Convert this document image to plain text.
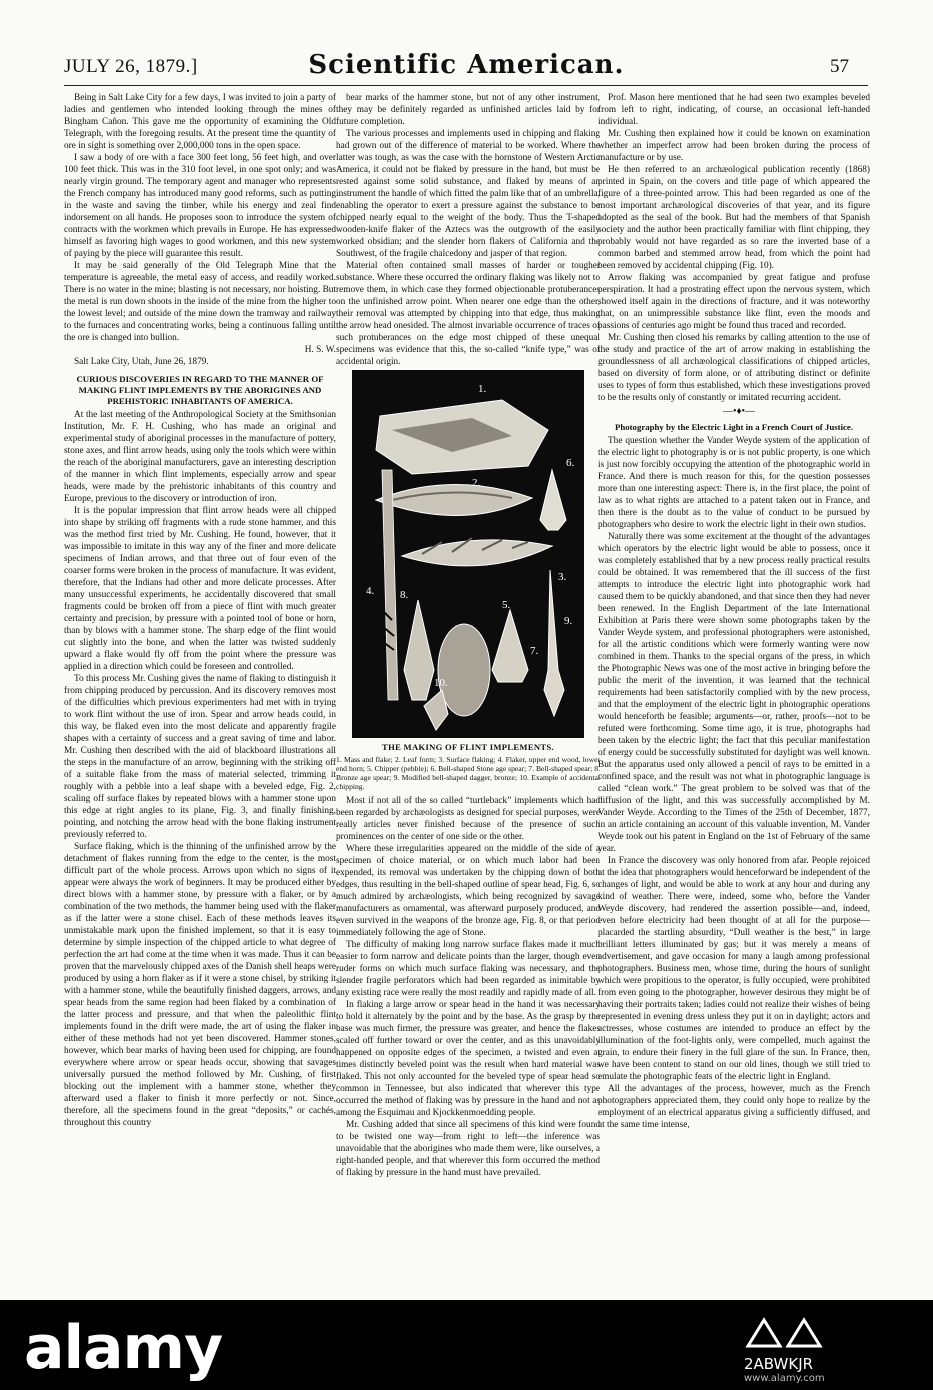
JULY 26, 1879.]	Scientific American.	57

Being in Salt Lake City for a few days, I was invited to join a party of ladies and gentlemen who intended looking through the mines of Bingham Cañon. This gave me the opportunity of examining the Old Telegraph, with the foregoing results. At the present time the quantity of ore in sight is something over 2,000,000 tons in the open space.

I saw a body of ore with a face 300 feet long, 56 feet high, and over 100 feet thick. This was in the 310 foot level, in one spot only; and was nearly virgin ground. The temporary agent and manager who represents the French company has introduced many good reforms, such as putting in the waste and saving the timber, while his energy and zeal find indorsement on all hands. He proposes soon to introduce the system of contracts with the workmen which prevails in Europe. He has expressed himself as favoring high wages to good workmen, and this new system of paying by the piece will guarantee this result.

It may be said generally of the Old Telegraph Mine that the temperature is agreeable, the metal easy of access, and readily worked. There is no water in the mine; blasting is not necessary, nor hoisting. But the metal is run down shoots in the inside of the mine from the higher to the lowest level; and outside of the mine down the tramway and railway to the furnaces and concentrating works, being a continuous falling until the ore is changed into bullion.

H. S. W.

Salt Lake City, Utah, June 26, 1879.

CURIOUS DISCOVERIES IN REGARD TO THE MANNER OF MAKING FLINT IMPLEMENTS BY THE ABORIGINES AND PREHISTORIC INHABITANTS OF AMERICA.

At the last meeting of the Anthropological Society at the Smithsonian Institution, Mr. F. H. Cushing, who has made an original and experimental study of aboriginal processes in the manufacture of pottery, stone axes, and flint arrow heads, using only the tools which were within the reach of the aboriginal manufacturers, gave an interesting description of the manner in which flint implements, especially arrow and spear heads, were made by the prehistoric inhabitants of this country and Europe, previous to the discovery or introduction of iron.

It is the popular impression that flint arrow heads were all chipped into shape by striking off fragments with a rude stone hammer, and this was the method first tried by Mr. Cushing. He found, however, that it was impossible to imitate in this way any of the finer and more delicate specimens of Indian arrows, and that three out of four even of the coarser forms were broken in the process of manufacture. It was evident, therefore, that the Indians had other and more delicate processes. After many unsuccessful experiments, he accidentally discovered that small fragments could be broken off from a piece of flint with much greater certainty and precision, by pressure with a pointed tool of bone or horn, than by blows with a hammer stone. The sharp edge of the flint would cut slightly into the bone, and when the latter was twisted suddenly upward a flake would fly off from the point where the pressure was applied in a direction which could be foreseen and controlled.

To this process Mr. Cushing gives the name of flaking to distinguish it from chipping produced by percussion. And its discovery removes most of the difficulties which previous experimenters had met with in trying to work flint without the use of iron. Spear and arrow heads could, in this way, be flaked even into the most delicate and apparently fragile shapes with a certainty of success and a great saving of time and labor. Mr. Cushing then described with the aid of blackboard illustrations all the steps in the manufacture of an arrow, beginning with the striking off of a suitable flake from the mass of material selected, trimming it roughly with a pebble into a leaf shape with a beveled edge, Fig. 2, scaling off surface flakes by repeated blows with a hammer stone upon this edge at right angles to its plane, Fig. 3, and finally finishing, pointing, and notching the arrow head with the bone flaking instrument previously referred to.

Surface flaking, which is the thinning of the unfinished arrow by the detachment of flakes running from the edge to the center, is the most difficult part of the whole process. Arrows upon which no signs of it appear were always the work of beginners. It may be produced either by direct blows with a hammer stone, by pressure with a flaker, or by a combination of the two methods, the hammer being used with the flaker as if the latter were a stone chisel. Each of these methods leaves its unmistakable mark upon the finished implement, so that it is easy to determine by simple inspection of the chipped article to what degree of perfection the art had come at the time when it was made. Thus it can be proven that the marvelously chipped axes of the Danish shell heaps were produced by using a horn flaker as if it were a stone chisel, by striking it with a hammer stone, while the beautifully finished daggers, arrows, and spear heads from the same region had been flaked by a combination of the latter process and pressure, and that when the paleolithic flint implements found in the drift were made, the art of using the flaker in either of these methods had not yet been discovered. Hammer stones, however, which bear marks of having been used for chipping, are found everywhere where arrow or spear heads occur, showing that savages universally pursued the method followed by Mr. Cushing, of first blocking out the implement with a hammer stone, whether they afterward used a flaker to finish it more perfectly or not. Since, therefore, all the specimens found in the great “deposits,” or cachés, throughout this country

bear marks of the hammer stone, but not of any other instrument, they may be definitely regarded as unfinished articles laid by for future completion.

The various processes and implements used in chipping and flaking had grown out of the difference of material to be worked. Where the latter was tough, as was the case with the hornstone of Western Arctic America, it could not be flaked by pressure in the hand, but must be rested against some solid substance, and flaked by means of an instrument the handle of which fitted the palm like that of an umbrella, enabling the operator to exert a pressure against the substance to be chipped nearly equal to the weight of the body. Thus the T-shaped wooden-knife flaker of the Aztecs was the outgrowth of the easily worked obsidian; and the slender horn flakers of California and the Southwest, of the fragile chalcedony and jasper of that region.

Material often contained small masses of harder or tougher substance. Where these occurred the ordinary flaking was likely not to remove them, in which case they formed objectionable protuberances on the unfinished arrow point. When nearer one edge than the other, their removal was attempted by chipping into that edge, thus making the arrow head onesided. The almost invariable occurrence of traces of such protuberances on the edge most chipped of these unequal specimens was evidence that this, the so-called “knife type,” was of accidental origin.

1.
2.
3.
4.
5.
6.
7.
8.
9.
10.

THE MAKING OF FLINT IMPLEMENTS.

1. Mass and flake; 2. Leaf form; 3. Surface flaking; 4. Flaker, upper end wood, lower end horn; 5. Chipper (pebble); 6. Bell-shaped Stone age spear; 7. Bell-shaped spear; 8. Bronze age spear; 9. Modified bell-shaped dagger, bronze; 10. Example of accidental chipping.

Most if not all of the so called “turtleback” implements which had been regarded by archæologists as designed for special purposes, were really articles never finished because of the presence of such prominences on the center of one side or the other.

Where these irregularities appeared on the middle of the side of a specimen of choice material, or on which much labor had been expended, its removal was undertaken by the chipping down of both edges, thus resulting in the bell-shaped outline of spear head, Fig. 6, so much admired by archæologists, which being recognized by savage manufacturers as ornamental, was afterward purposely produced, and even survived in the weapons of the bronze age, Fig. 8, or that period immediately following the age of Stone.

The difficulty of making long narrow surface flakes made it much easier to form narrow and delicate points than the larger, though even ruder forms on which much surface flaking was necessary, and the slender fragile perforators which had been regarded as inimitable by any existing race were really the most readily and rapidly made of all.

In flaking a large arrow or spear head in the hand it was necessary to hold it alternately by the point and by the base. As the grasp by the base was much firmer, the pressure was greater, and hence the flakes scaled off further toward or over the center, and as this unavoidably happened on opposite edges of the specimen, a twisted and even at times distinctly beveled point was the result when hard material was flaked. This not only accounted for the beveled type of spear head so common in Tennessee, but also indicated that wherever this type occurred the method of flaking was by pressure in the hand and not as among the Esquimau and Kjockkenmoedding people.

Mr. Cushing added that since all specimens of this kind were found to be twisted one way—from right to left—the inference was unavoidable that the aborigines who made them were, like ourselves, a right-handed people, and that wherever this form occurred the method of flaking by pressure in the hand must have prevailed.

Prof. Mason here mentioned that he had seen two examples beveled from left to right, indicating, of course, an occasional left-handed individual.

Mr. Cushing then explained how it could be known on examination whether an imperfect arrow had been broken during the process of manufacture or by use.

He then referred to an archæological publication recently (1868) printed in Spain, on the covers and title page of which appeared the figure of a three-pointed arrow. This had been regarded as one of the most important archæological discoveries of that year, and its figure adopted as the seal of the book. But had the members of that Spanish society and the author been practically familiar with flint chipping, they probably would not have regarded as so rare the inverted base of a common barbed and stemmed arrow head, from which the point had been removed by accidental chipping (Fig. 10).

Arrow flaking was accompanied by great fatigue and profuse perspiration. It had a prostrating effect upon the nervous system, which showed itself again in the directions of fracture, and it was noteworthy that, on an unimpressible substance like flint, even the moods and passions of centuries ago might be found thus traced and recorded.

Mr. Cushing then closed his remarks by calling attention to the use of the study and practice of the art of arrow making in establishing the groundlessness of all archæological classifications of chipped articles, based on diversity of form alone, or of attributing distinct or definite uses to types of form thus established, which these investigations proved to be the results only of constantly or imitated recurring accident.

—•♦•—

Photography by the Electric Light in a French Court of Justice.

The question whether the Vander Weyde system of the application of the electric light to photography is or is not public property, is one which is just now forcibly occupying the attention of the photographic world in France. And there is much reason for this, for the question possesses more than one interesting aspect: There is, in the first place, the point of law as to what rights are attached to a patent taken out in France, and then there is the doubt as to the value of conduct to be pursued by photographers who desire to work the electric light in their own studios.

Naturally there was some excitement at the thought of the advantages which operators by the electric light would be able to possess, once it was completely established that by a new process really practical results could be obtained. It was remembered that the ill success of the first attempts to introduce the electric light into photographic work had caused them to be quickly abandoned, and that since then they had never been renewed. In the English Department of the late International Exhibition at Paris there were shown some photographs taken by the Vander Weyde system, and professional photographers were astonished, for all the artistic conditions which were formerly wanting were now combined in them. Thanks to the special organs of the press, in which the Photographic News was one of the most active in bringing before the public the merit of the invention, it was learned that the technical requirements had been satisfactorily complied with by the new process, and that the employment of the electric light in photographic operations would henceforth be feasible; arguments—or, rather, proofs—not to be refuted were forthcoming. Some time ago, it is true, photographs had been taken by the electric light; the fact that this peculiar manifestation of energy could be successfully substituted for daylight was well known. But the apparatus used only allowed a pencil of rays to be emitted in a confined space, and the result was not what in photographic language is called “clean work.” The great problem to be solved was that of the diffusion of the light, and this was successfully accomplished by M. Vander Weyde. According to the Times of the 25th of December, 1877, in an article containing an account of this valuable invention, M. Vander Weyde took out his patent in England on the 1st of February of the same year.

In France the discovery was only honored from afar. People rejoiced at the idea that photographers would henceforward be independent of the changes of light, and would be able to work at any hour and during any kind of weather. There were, indeed, some who, before the Vander Weyde discovery, had rendered the assertion possible—and, indeed, even before electricity had been thought of at all for the purpose—placarded the startling absurdity, “Dull weather is the best,” in large brilliant letters illuminated by gas; but it was merely a means of advertisement, and gave occasion for many a laugh among professional photographers. Business men, whose time, during the hours of sunlight which were propitious to the operator, is fully occupied, were prohibited from even going to the photographer, however desirous they might be of having their portraits taken; ladies could not realize their wishes of being represented in evening dress unless they put it on in daylight; actors and actresses, whose costumes are intended to produce an effect by the illumination of the foot-lights only, were compelled, much against the grain, to endure their finery in the full glare of the sun. In France, then, we have been content to stand on our old lines, though we still tried to emulate the photographic feats of the electric light in England.

All the advantages of the process, however, much as the French photographers appreciated them, they could only hope to realize by the employment of an electrical apparatus giving a sufficiently diffused, and at the same time intense,

alamy	2ABWKJR
www.alamy.com
